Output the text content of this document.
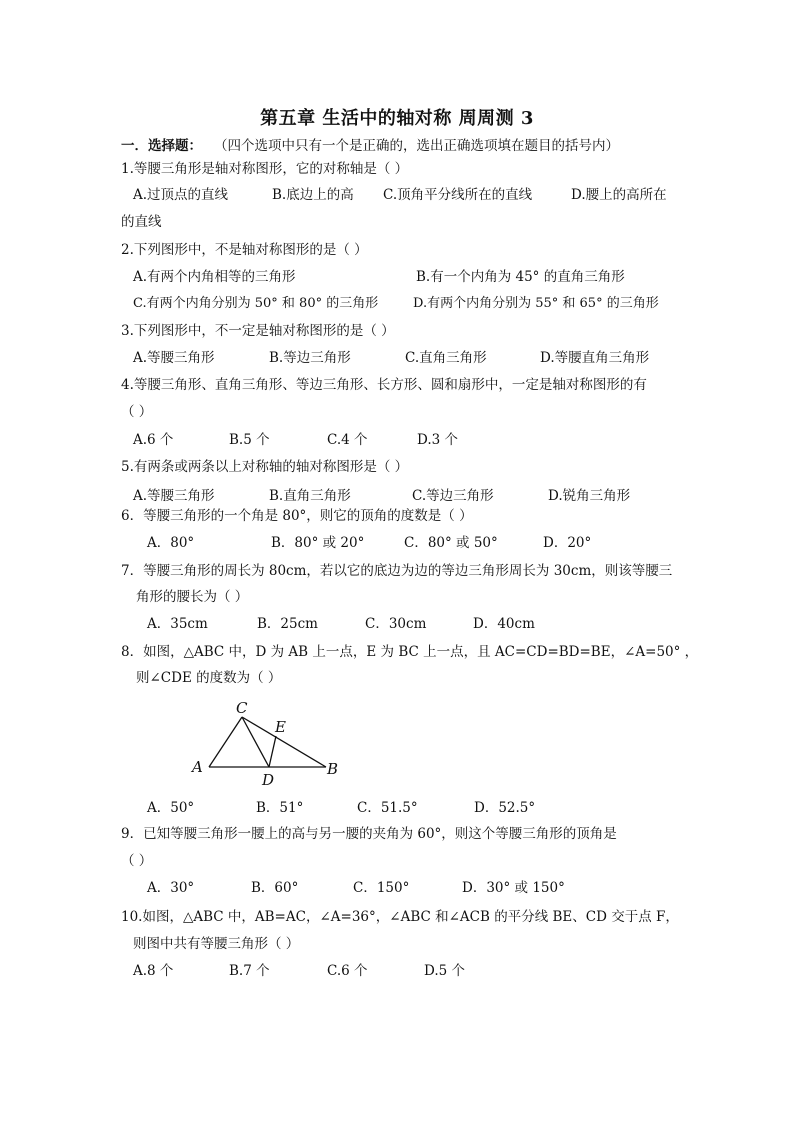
第五章 生活中的轴对称 周周测 3
一．选择题： （四个选项中只有一个是正确的，选出正确选项填在题目的括号内）
1.等腰三角形是轴对称图形，它的对称轴是（ ）
A.过顶点的直线	B.底边上的高 C.顶角平分线所在的直线	D.腰上的高所在
的直线
2.下列图形中，不是轴对称图形的是（ ）
A.有两个内角相等的三角形	B.有一个内角为 45° 的直角三角形
C.有两个内角分别为 50° 和 80° 的三角形	D.有两个内角分别为 55° 和 65° 的三角形
3.下列图形中，不一定是轴对称图形的是（ ）
A.等腰三角形	B.等边三角形	C.直角三角形	D.等腰直角三角形
4.等腰三角形、直角三角形、等边三角形、长方形、圆和扇形中，一定是轴对称图形的有
（ ）
A.6 个	B.5 个	C.4 个	D.3 个
5.有两条或两条以上对称轴的轴对称图形是（ ）
A.等腰三角形	B.直角三角形	C.等边三角形	D.锐角三角形
6．等腰三角形的一个角是 80°，则它的顶角的度数是（ ）
A．80°	B．80° 或 20°	C．80° 或 50°	D．20°
7．等腰三角形的周长为 80cm，若以它的底边为边的等边三角形周长为 30cm，则该等腰三
角形的腰长为（ ）
A．35cm	B．25cm	C．30cm	D．40cm
8．如图，△ABC 中，D 为 AB 上一点，E 为 BC 上一点，且 AC=CD=BD=BE，∠A=50° ，
则∠CDE 的度数为（ ）
A	B
C
D
E
A．50°	B．51°	C．51.5°	D．52.5°
9．已知等腰三角形一腰上的高与另一腰的夹角为 60°，则这个等腰三角形的顶角是
（ ）
A．30°	B．60°	C．150°	D．30° 或 150°
10.如图，△ABC 中，AB=AC，∠A=36°，∠ABC 和∠ACB 的平分线 BE、CD 交于点 F，
则图中共有等腰三角形（ ）
A.8 个	B.7 个	C.6 个	D.5 个
